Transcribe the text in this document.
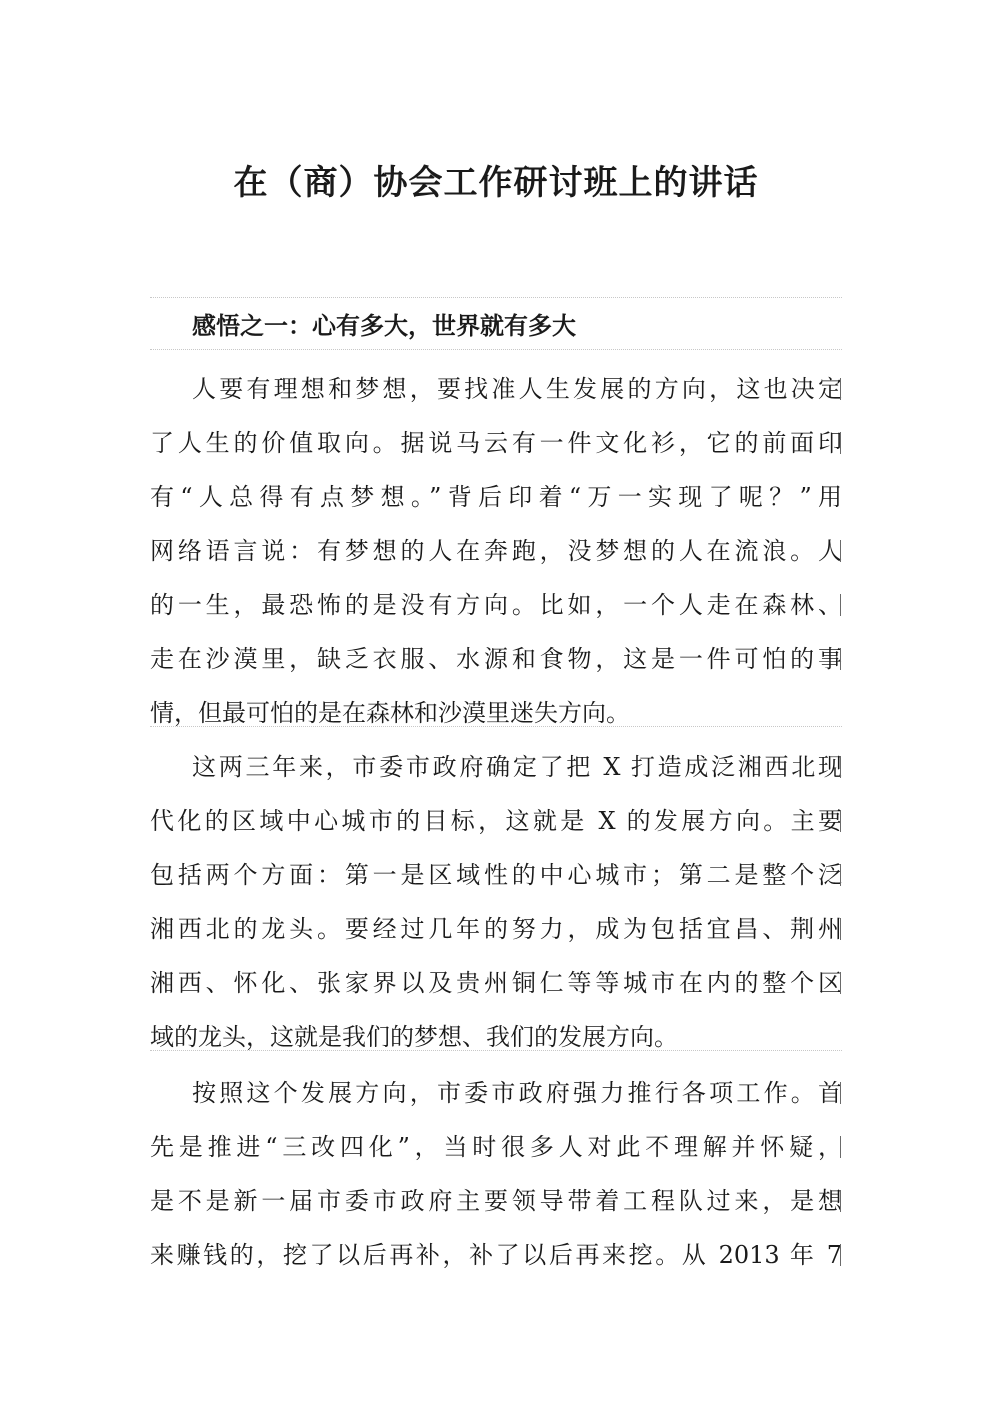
在（商）协会工作研讨班上的讲话
感悟之一：心有多大，世界就有多大
人要有理想和梦想，要找准人生发展的方向，这也决定
了人生的价值取向。据说马云有一件文化衫，它的前面印
有“人总得有点梦想。”背后印着“万一实现了呢？”用
网络语言说：有梦想的人在奔跑，没梦想的人在流浪。人
的一生，最恐怖的是没有方向。比如，一个人走在森林、
走在沙漠里，缺乏衣服、水源和食物，这是一件可怕的事
情，但最可怕的是在森林和沙漠里迷失方向。
这两三年来，市委市政府确定了把 X 打造成泛湘西北现
代化的区域中心城市的目标，这就是 X 的发展方向。主要
包括两个方面：第一是区域性的中心城市；第二是整个泛
湘西北的龙头。要经过几年的努力，成为包括宜昌、荆州
湘西、怀化、张家界以及贵州铜仁等等城市在内的整个区
域的龙头，这就是我们的梦想、我们的发展方向。
按照这个发展方向，市委市政府强力推行各项工作。首
先是推进“三改四化”，当时很多人对此不理解并怀疑，
是不是新一届市委市政府主要领导带着工程队过来，是想
来赚钱的，挖了以后再补，补了以后再来挖。从 2013 年 7
